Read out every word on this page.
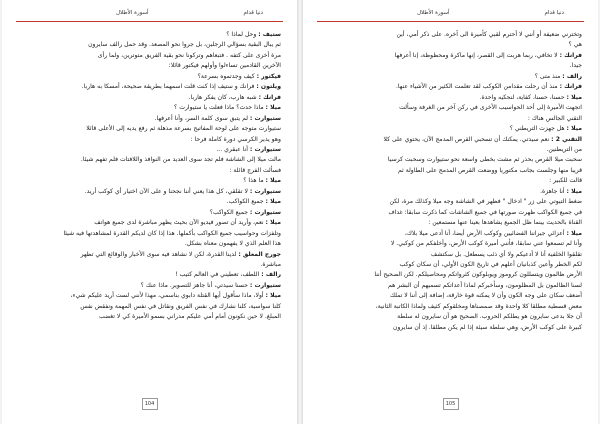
أسورة الأطلال	دنيا قدام

ستيف : وحل لماذا ؟

ثم يبال البقية بسؤالي الرجلين، بل جروا نحو المصعد. وقد حمل رالف سايرون

مرة أخرى على كتفه . فتبعاهم وتركونا نحو بقية الفريق متوترين، ولما رأى

الآخرين القادمين تساءلوا وأولهم فيكتور قائلا:

فيكتور : كيف وجدتموه بسرعة؟

ويلتون : فرانك و ستيف إذا كنت قلت اسمهما بطريقة صحيحة، أمسكا به هاربا.

فرانك : شبه هارب، كان يفكر هاربا.

ميلا : ماذا حدث؟ ماذا فعلت يا ستيوارت ؟

ستيوارت : لم يتبق سوى كلمة السر، وأنا أعرفها.

ستيوارت متوجه على لوحة المفاتيح بسرعة مذهلة ثم رفع يديه إلى الأعلى قائلا

وهو يدير الكرسي دورة كاملة فرحا :

ستيوارت : أنا عبقري ...

مالت ميلا إلى الشاشة فلم تجد سوى العديد من النوافذ واللافتات فلم تفهم شيئا.

فسألت الفرج قائلة :

ميلا : ما هذا ؟

ستيوارت : لا تقلقي، كل هذا يعني أننا نجحنا و على الآن اختيار أي كوكب أريد.

ميلا : جميع الكواكب.

ستيوارت : جميع الكواكب؟

ميلا : نعم، وأريد أن تصور فيديو الآن بحيث يظهر مباشرة لدى جميع هواتف

وتلفزات وحواسيب جميع الكواكب بأكملها. هذا إذا كان لديكم القدرة لمشاهدتها فيه شيئا

هذا العلم الذي لا يفهمون معناه بشكل.

جورج المعلق : لدينا القدرة، لكن لا نشاهد فيه سوى الأخبار والوقائع التي تظهر

مباشرة.

رالف : اللطف، تعطيني في العالم كتيب !

ستيوارت : حسنا سيدتي، أنا جاهز للتصوير. ماذا عنك ؟

ميلا : أولا، ماذا سأقول أيها القتلة دابوي بناسمي، مهذا لأنني لست أريد عليكم شيء،

كلنا سواسية، كلنا نشارك في نفس الفريق ونقاتل في نفس المهمة ونفقض نفس

المبلغ. لا حين نكونون أمام أمي عليكم مدراني بسمو الأميرة كي لا تغضب

104
أسورة الأطلال	دنيا قدام

وتخترني ضعيفة أو أنني لا أحترم لقبي كأميرة الى آخره. على ذكر أمي، أين

هي ؟

فرانك : لا تخافي، ربما هربت إلى القصر، إنها ماكرة ومحظوظة، إنا أعرفها

جيدا.

رالف : منذ متى ؟

فرانك : منذ أن رحلت مقدامن الكوكب لقد تعلمت الكثير من الأشياء عنها.

ميلا : حسنا، حسنا، كفاية، لنحكيه واحدة.

اتجهت الأميرة إلى أحد الحواسيب الأخرى في ركن آخر من الغرفة وسألت

التقني الجالس هناك :

ميلا : هل جهزت التريطني ؟

التقني 2 : نعم سيدتي. يمكنك أن تسحبي القرص المدمج الآن، يحتوي على كلا

من التريطنين.

سحبت ميلا القرص بحذر ثم مشت بخطى واسعة نحو ستيوارت وسحبت كرسيا

قريبا منها وجلست بجانب مكتوريا ووضعت القرص المدمج على الطاولة ثم

قالت للكبير :

ميلا : أنا جاهزة.

ضغط التيوتي على زر " ادخال " فظهر في الشاشة وجه ميلا وكذلك مرة، لكن

في جميع الكواكب ظهرت صورتها في جميع الشاشات كما ذكرت سابقا: غداف

القناة بالحديث بينما ظل الجميع يشاهدها بعينا عنها مستمعين :

ميلا : أعزائي جيراننا الفضائيين وكوكب الأرض أيضا، أنا أدعى ميلا بلاك،

وأنا لم تسمعوا عني سابقا، فأنني أميرة كوكب الأرض، وأخلفكم من كوكبي. لا

تقلقوا الخلفية أنا لا أدعيكم ولا أي ذئب يسطعل. بل سكتشف

لكم الخطر وأعين كذبانيان أعلهم في تاريخ الكون الأولي، أن سكان كوكب

الأرض ظالمون ويتسللون كروموز ويوبلوكون كثرواتكم ومحاصيلكم. لكن الصحيح أننا

لسنا الظالمون بل المظلومون، وسأخبركم لماذا أعداتكم تسميهم أن البشر هم

أضعف سكان على وجه الكون وأن لا يمكنه قوة خارقة، إضافة إلى أننا لا تملك

معض قسطية مطلقا كلا واحدة وقد صمصناها ومخلقوكم كثيف ولماذا الكاتبة الثانية،

أن جلا بدعى سايرون هو يطلكم الحروب. الصحيح هو أن سايرون له سلطة

كبيرة على كوكب الأرض، وهي سلطة سيئة إذا لم يكن مطلقا. إذ أن سايرون

105
